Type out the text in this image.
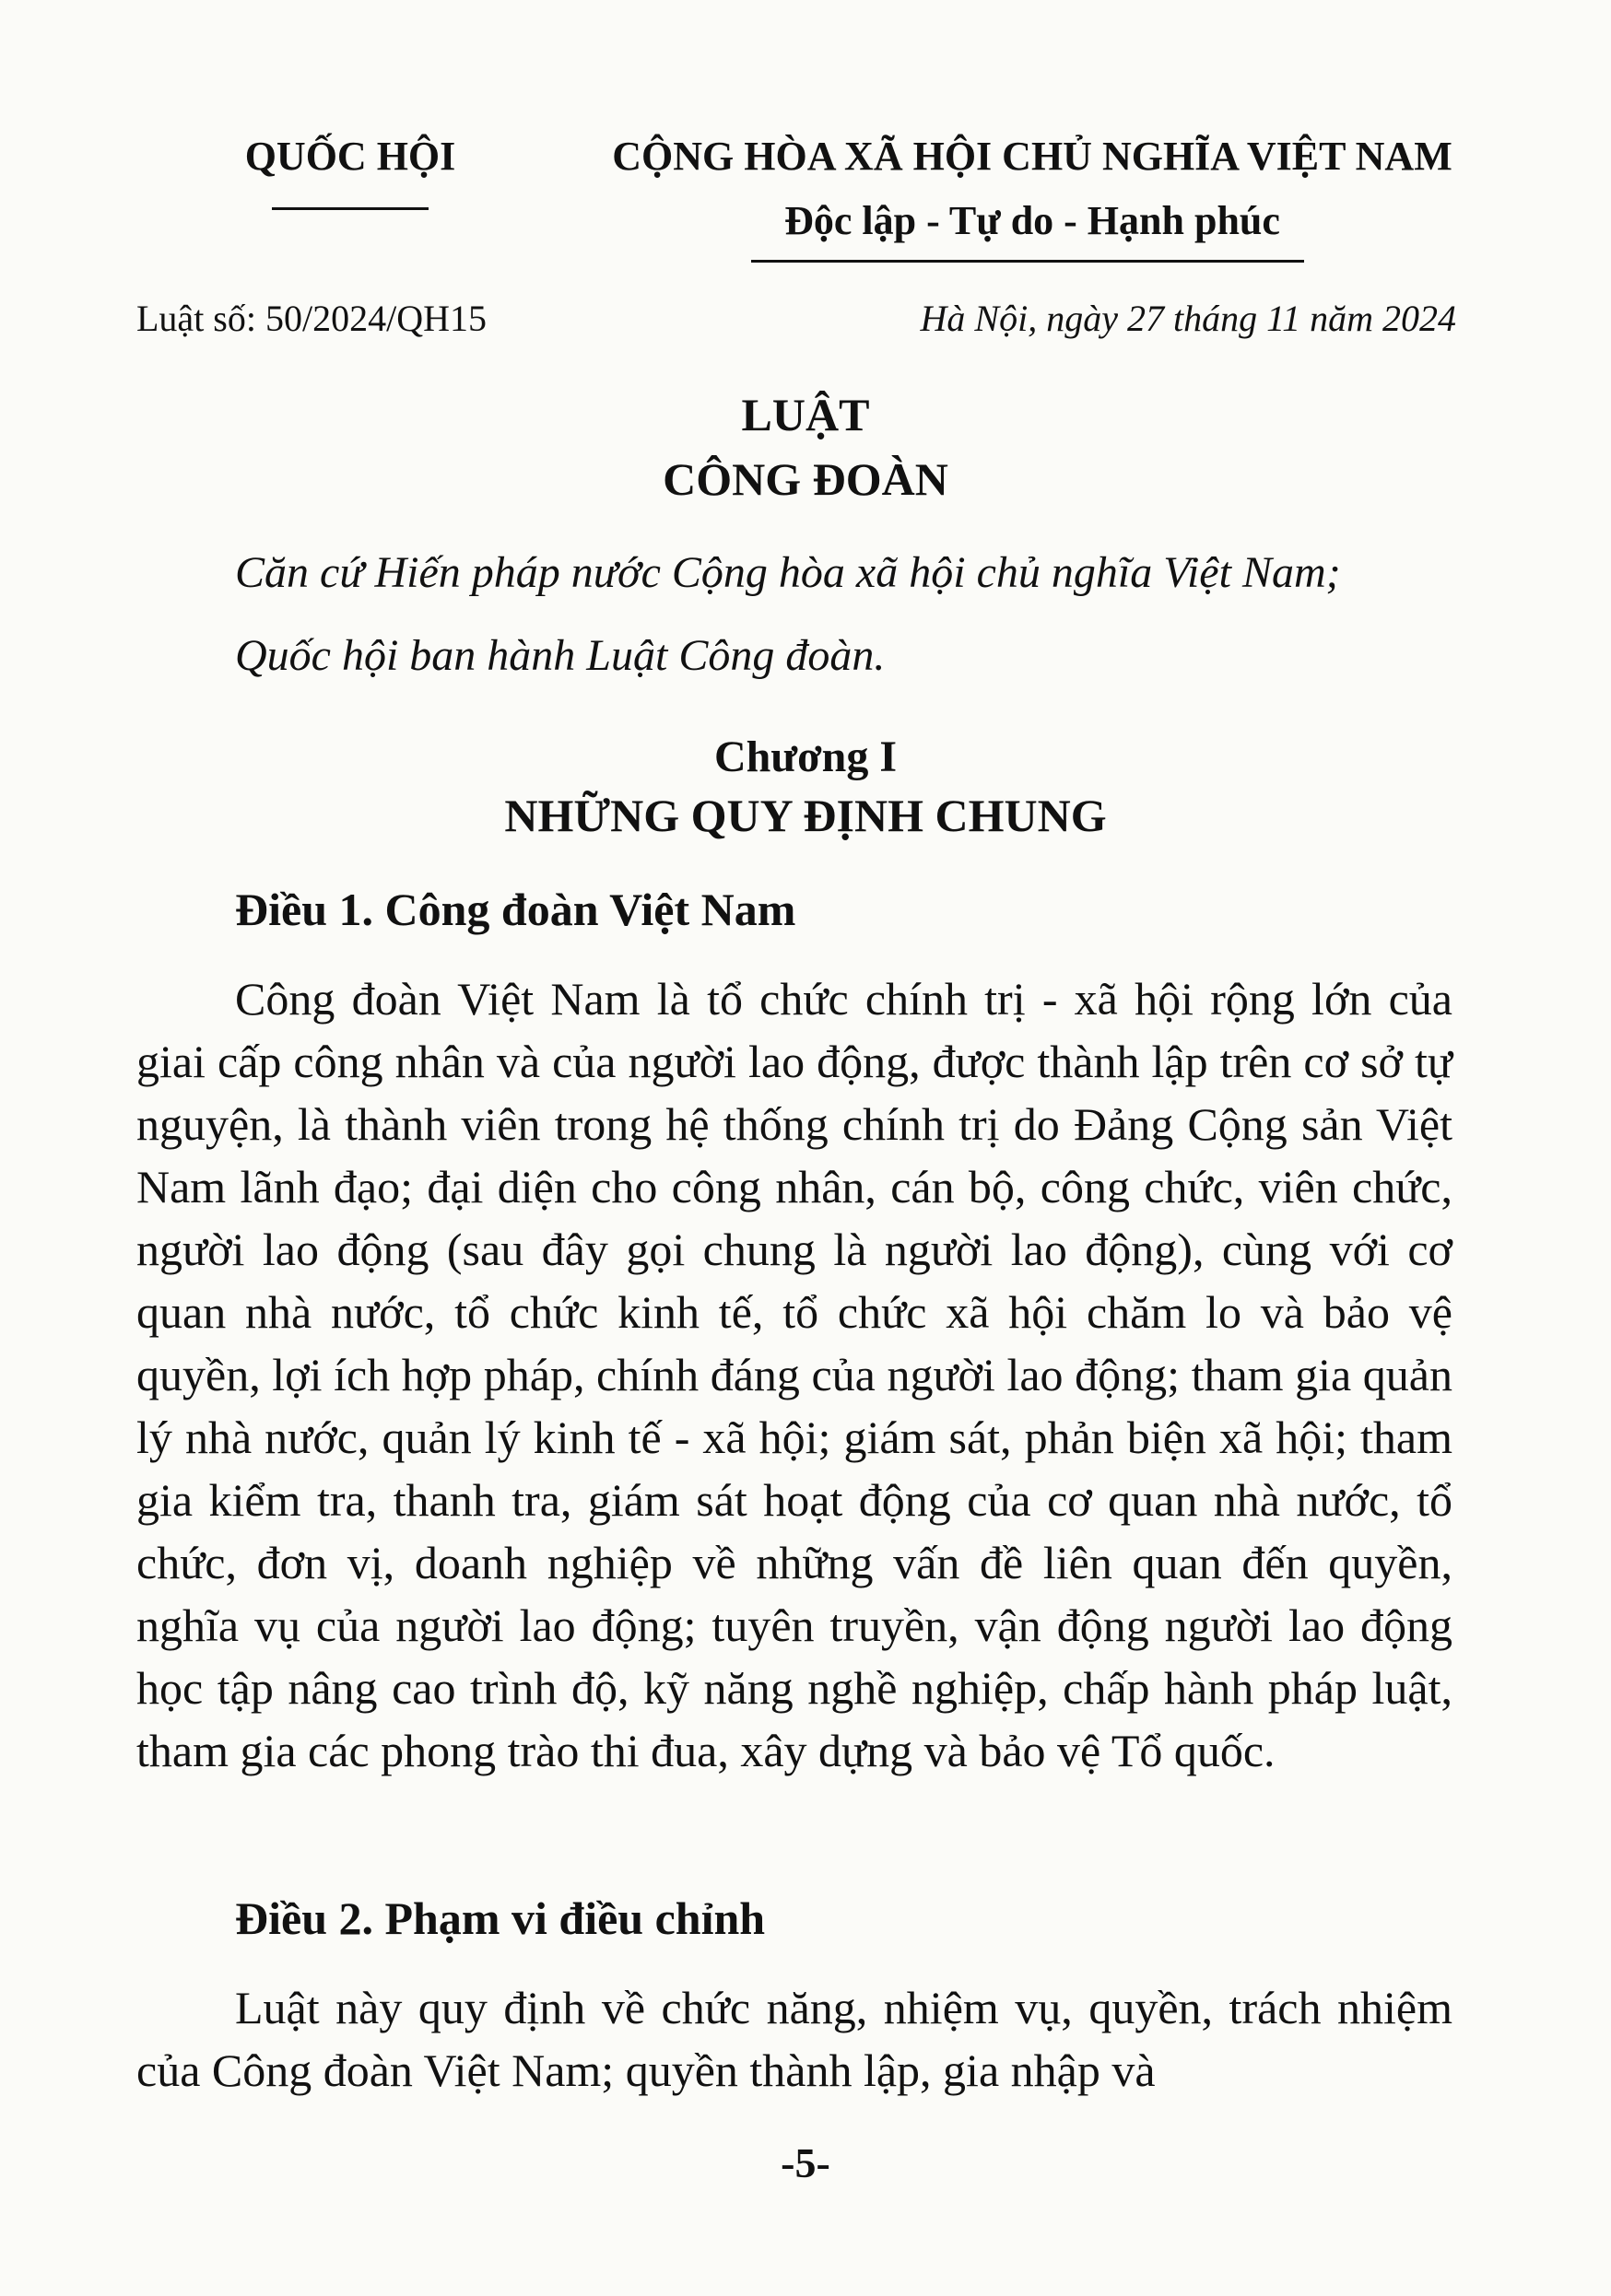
QUỐC HỘI	CỘNG HÒA XÃ HỘI CHỦ NGHĨA VIỆT NAM
Độc lập - Tự do - Hạnh phúc
Luật số: 50/2024/QH15	Hà Nội, ngày 27 tháng 11 năm 2024
LUẬT
CÔNG ĐOÀN
Căn cứ Hiến pháp nước Cộng hòa xã hội chủ nghĩa Việt Nam;
Quốc hội ban hành Luật Công đoàn.
Chương I
NHỮNG QUY ĐỊNH CHUNG
Điều 1. Công đoàn Việt Nam
Công đoàn Việt Nam là tổ chức chính trị - xã hội rộng lớn của giai cấp công nhân và của người lao động, được thành lập trên cơ sở tự nguyện, là thành viên trong hệ thống chính trị do Đảng Cộng sản Việt Nam lãnh đạo; đại diện cho công nhân, cán bộ, công chức, viên chức, người lao động (sau đây gọi chung là người lao động), cùng với cơ quan nhà nước, tổ chức kinh tế, tổ chức xã hội chăm lo và bảo vệ quyền, lợi ích hợp pháp, chính đáng của người lao động; tham gia quản lý nhà nước, quản lý kinh tế - xã hội; giám sát, phản biện xã hội; tham gia kiểm tra, thanh tra, giám sát hoạt động của cơ quan nhà nước, tổ chức, đơn vị, doanh nghiệp về những vấn đề liên quan đến quyền, nghĩa vụ của người lao động; tuyên truyền, vận động người lao động học tập nâng cao trình độ, kỹ năng nghề nghiệp, chấp hành pháp luật, tham gia các phong trào thi đua, xây dựng và bảo vệ Tổ quốc.
Điều 2. Phạm vi điều chỉnh
Luật này quy định về chức năng, nhiệm vụ, quyền, trách nhiệm của Công đoàn Việt Nam; quyền thành lập, gia nhập và
-5-
